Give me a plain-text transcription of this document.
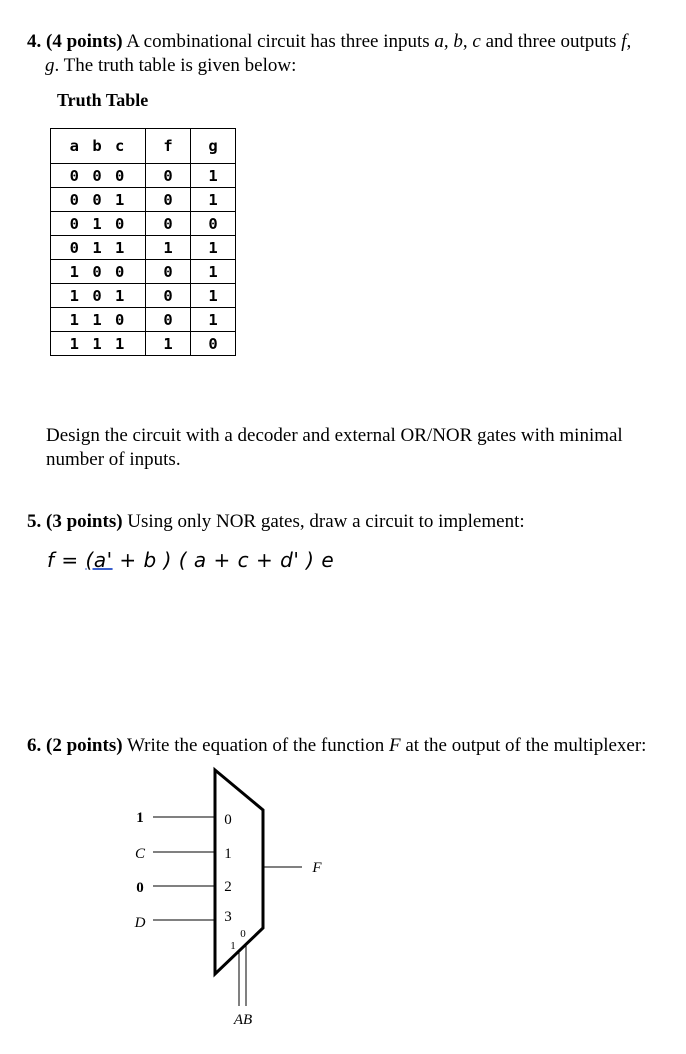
4. (4 points) A combinational circuit has three inputs a, b, c and three outputs f,
g. The truth table is given below:
Truth Table
a b c	f	g
0 0 0	0	1
0 0 1	0	1
0 1 0	0	0
0 1 1	1	1
1 0 0	0	1
1 0 1	0	1
1 1 0	0	1
1 1 1	1	0
Design the circuit with a decoder and external OR/NOR gates with minimal number of inputs.
5. (3 points) Using only NOR gates, draw a circuit to implement:
f = (a' + b ) ( a + c + d' ) e
6. (2 points) Write the equation of the function F at the output of the multiplexer:
1
C
0
D
0
1
2
3
0
1
F
AB
